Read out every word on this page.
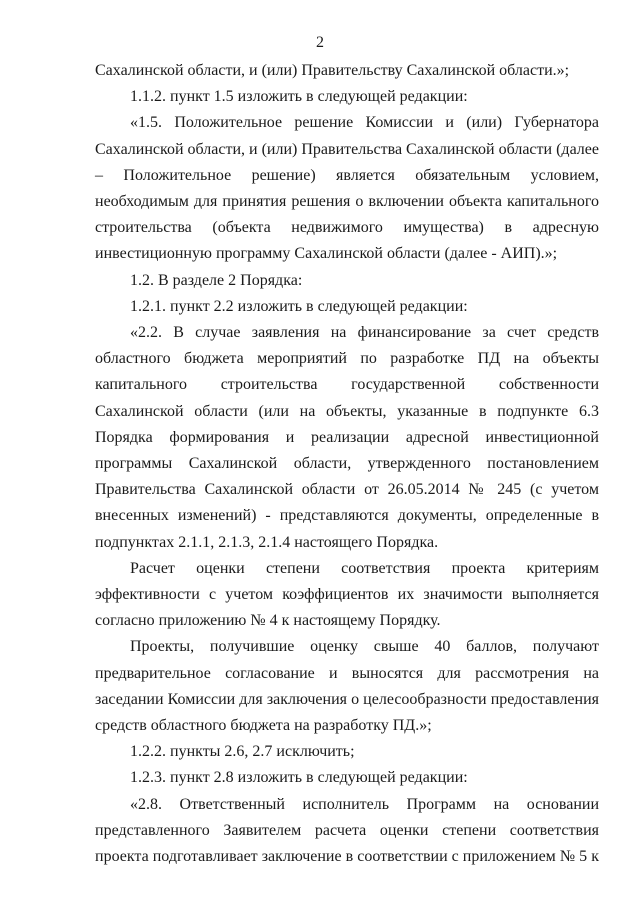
2

Сахалинской области, и (или) Правительству Сахалинской области.»;

1.1.2. пункт 1.5 изложить в следующей редакции:

«1.5. Положительное решение Комиссии и (или) Губернатора Сахалинской области, и (или) Правительства Сахалинской области (далее – Положительное решение) является обязательным условием, необходимым для принятия решения о включении объекта капитального строительства (объекта недвижимого имущества) в адресную инвестиционную программу Сахалинской области (далее - АИП).»;

1.2. В разделе 2 Порядка:

1.2.1. пункт 2.2 изложить в следующей редакции:

«2.2. В случае заявления на финансирование за счет средств областного бюджета мероприятий по разработке ПД на объекты капитального строительства государственной собственности Сахалинской области (или на объекты, указанные в подпункте 6.3 Порядка формирования и реализации адресной инвестиционной программы Сахалинской области, утвержденного постановлением Правительства Сахалинской области от 26.05.2014 № 245 (с учетом внесенных изменений) - представляются документы, определенные в подпунктах 2.1.1, 2.1.3, 2.1.4 настоящего Порядка.

Расчет оценки степени соответствия проекта критериям эффективности с учетом коэффициентов их значимости выполняется согласно приложению № 4 к настоящему Порядку.

Проекты, получившие оценку свыше 40 баллов, получают предварительное согласование и выносятся для рассмотрения на заседании Комиссии для заключения о целесообразности предоставления средств областного бюджета на разработку ПД.»;

1.2.2. пункты 2.6, 2.7 исключить;

1.2.3. пункт 2.8 изложить в следующей редакции:

«2.8. Ответственный исполнитель Программ на основании представленного Заявителем расчета оценки степени соответствия проекта подготавливает заключение в соответствии с приложением № 5 к
